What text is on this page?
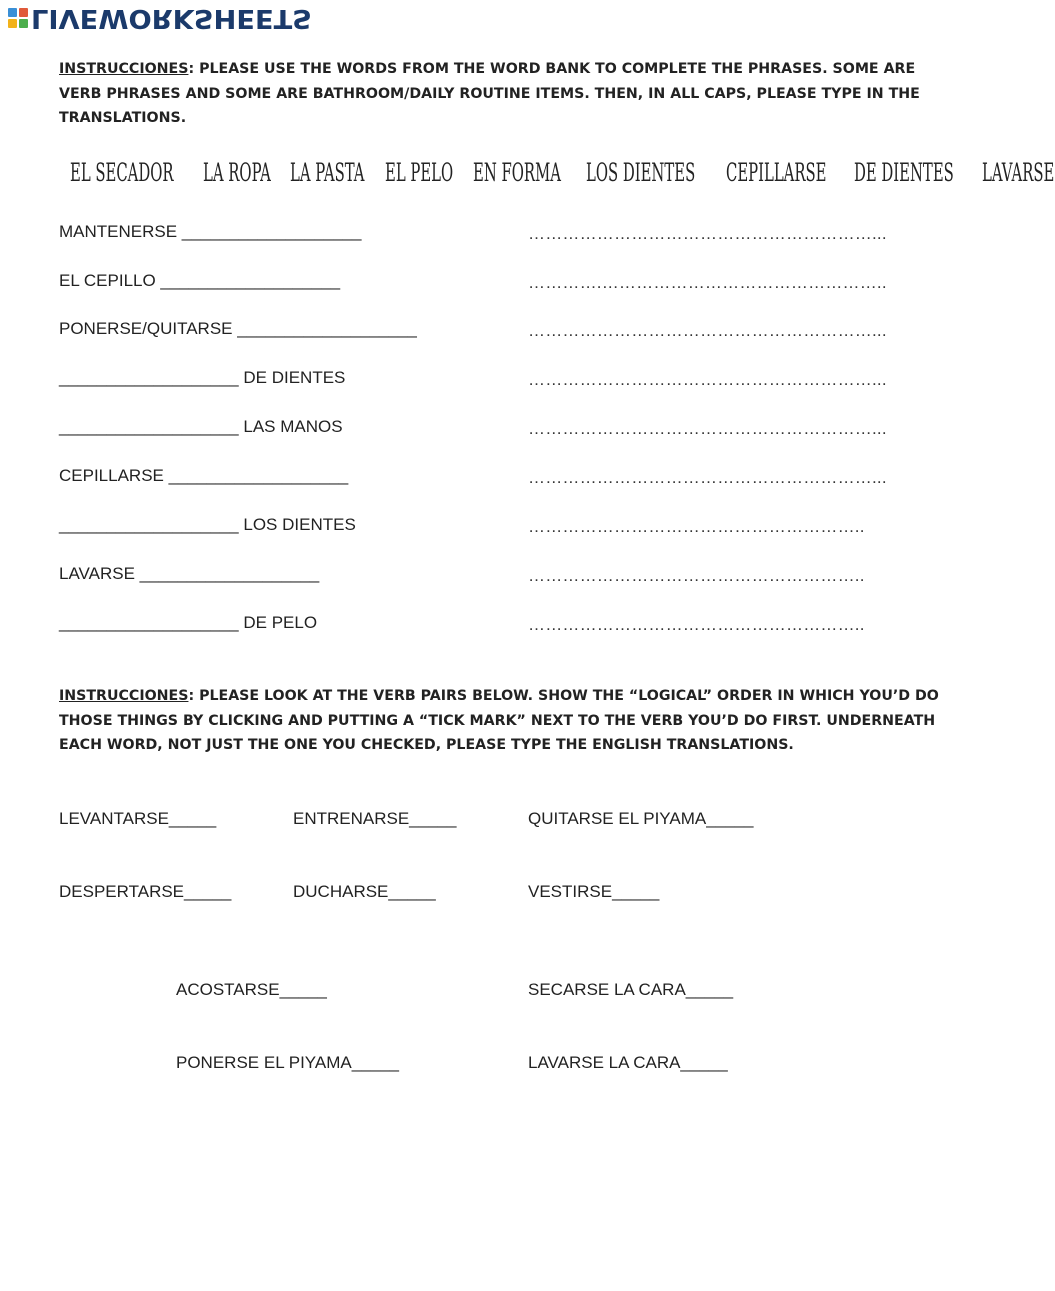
LIVEWORKSHEETS
INSTRUCCIONES: PLEASE USE THE WORDS FROM THE WORD BANK TO COMPLETE THE PHRASES. SOME ARE VERB PHRASES AND SOME ARE BATHROOM/DAILY ROUTINE ITEMS. THEN, IN ALL CAPS, PLEASE TYPE IN THE TRANSLATIONS.
EL SECADOR LA ROPA LA PASTA EL PELO EN FORMA LOS DIENTES CEPILLARSE DE DIENTES LAVARSE
MANTENERSE ___________________	……………………………………………………...
EL CEPILLO ___________________	………….…………………………………………..
PONERSE/QUITARSE ___________________	……………………………………………………...
___________________ DE DIENTES	……………………………………………………...
___________________ LAS MANOS	……………………………………………………...
CEPILLARSE ___________________	……………………………………………………...
___________________ LOS DIENTES	…………………………………………………..
LAVARSE ___________________	…………………………………………………..
___________________ DE PELO	…………………………………………………..
INSTRUCCIONES: PLEASE LOOK AT THE VERB PAIRS BELOW. SHOW THE “LOGICAL” ORDER IN WHICH YOU’D DO THOSE THINGS BY CLICKING AND PUTTING A “TICK MARK” NEXT TO THE VERB YOU’D DO FIRST. UNDERNEATH EACH WORD, NOT JUST THE ONE YOU CHECKED, PLEASE TYPE THE ENGLISH TRANSLATIONS.
LEVANTARSE_____	ENTRENARSE_____	QUITARSE EL PIYAMA_____
DESPERTARSE_____	DUCHARSE_____	VESTIRSE_____
ACOSTARSE_____	SECARSE LA CARA_____
PONERSE EL PIYAMA_____	LAVARSE LA CARA_____
